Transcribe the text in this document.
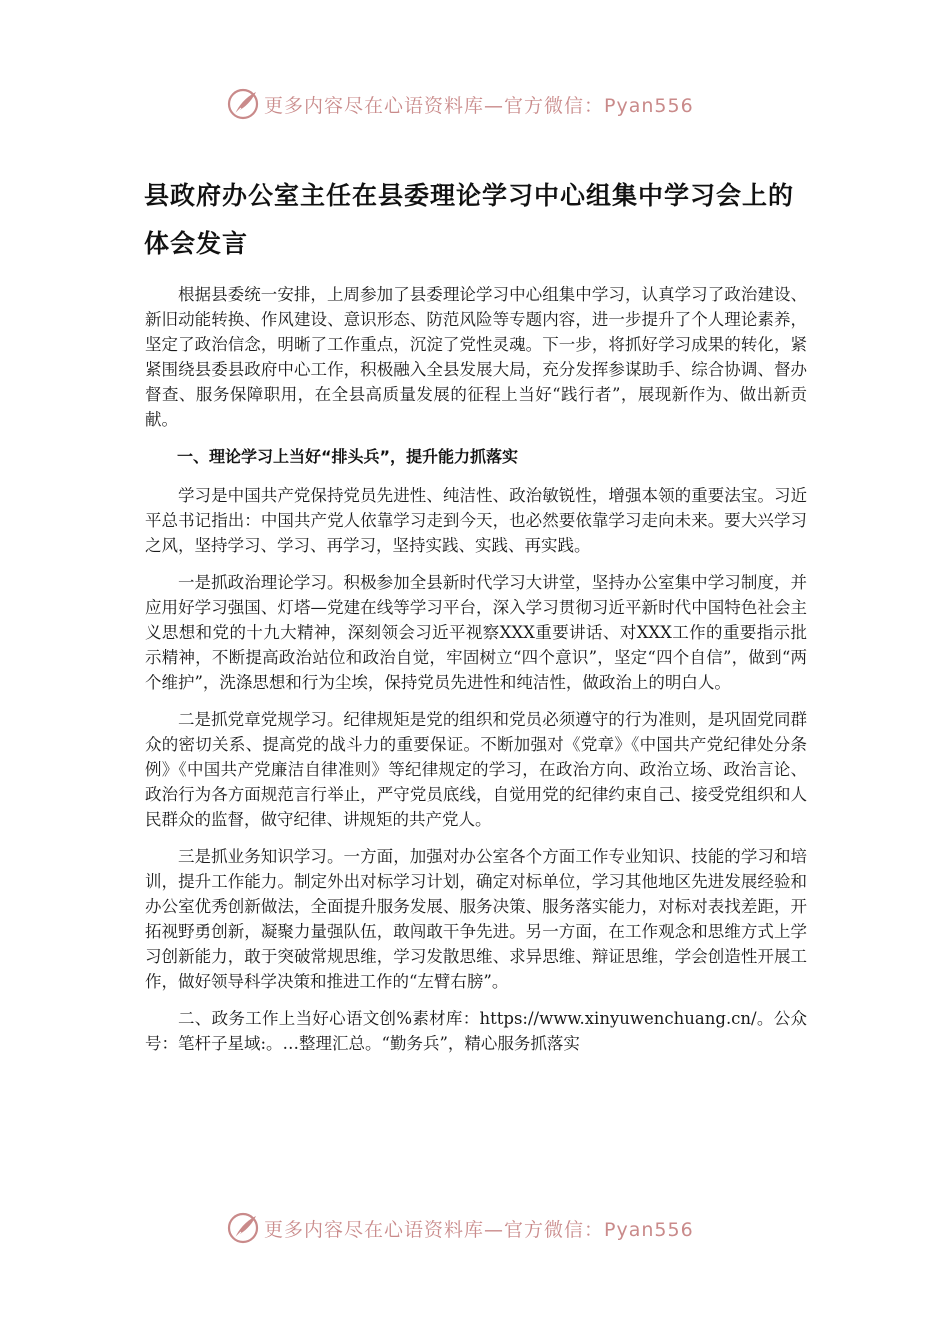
更多内容尽在心语资料库—官方微信：Pyan556
县政府办公室主任在县委理论学习中心组集中学习会上的体会发言

根据县委统一安排，上周参加了县委理论学习中心组集中学习，认真学习了政治建设、新旧动能转换、作风建设、意识形态、防范风险等专题内容，进一步提升了个人理论素养，坚定了政治信念，明晰了工作重点，沉淀了党性灵魂。下一步，将抓好学习成果的转化，紧紧围绕县委县政府中心工作，积极融入全县发展大局，充分发挥参谋助手、综合协调、督办督查、服务保障职用，在全县高质量发展的征程上当好“践行者”，展现新作为、做出新贡献。

一、理论学习上当好“排头兵”，提升能力抓落实

学习是中国共产党保持党员先进性、纯洁性、政治敏锐性，增强本领的重要法宝。习近平总书记指出：中国共产党人依靠学习走到今天，也必然要依靠学习走向未来。要大兴学习之风，坚持学习、学习、再学习，坚持实践、实践、再实践。

一是抓政治理论学习。积极参加全县新时代学习大讲堂，坚持办公室集中学习制度，并应用好学习强国、灯塔—党建在线等学习平台，深入学习贯彻习近平新时代中国特色社会主义思想和党的十九大精神，深刻领会习近平视察XXX重要讲话、对XXX工作的重要指示批示精神，不断提高政治站位和政治自觉，牢固树立“四个意识”，坚定“四个自信”，做到“两个维护”，洗涤思想和行为尘埃，保持党员先进性和纯洁性，做政治上的明白人。

二是抓党章党规学习。纪律规矩是党的组织和党员必须遵守的行为准则，是巩固党同群众的密切关系、提高党的战斗力的重要保证。不断加强对《党章》《中国共产党纪律处分条例》《中国共产党廉洁自律准则》等纪律规定的学习，在政治方向、政治立场、政治言论、政治行为各方面规范言行举止，严守党员底线，自觉用党的纪律约束自己、接受党组织和人民群众的监督，做守纪律、讲规矩的共产党人。

三是抓业务知识学习。一方面，加强对办公室各个方面工作专业知识、技能的学习和培训，提升工作能力。制定外出对标学习计划，确定对标单位，学习其他地区先进发展经验和办公室优秀创新做法，全面提升服务发展、服务决策、服务落实能力，对标对表找差距，开拓视野勇创新，凝聚力量强队伍，敢闯敢干争先进。另一方面，在工作观念和思维方式上学习创新能力，敢于突破常规思维，学习发散思维、求异思维、辩证思维，学会创造性开展工作，做好领导科学决策和推进工作的“左臂右膀”。

二、政务工作上当好心语文创%素材库：https://www.xinyuwenchuang.cn/。公众号：笔杆子星域:。…整理汇总。“勤务兵”，精心服务抓落实

更多内容尽在心语资料库—官方微信：Pyan556
